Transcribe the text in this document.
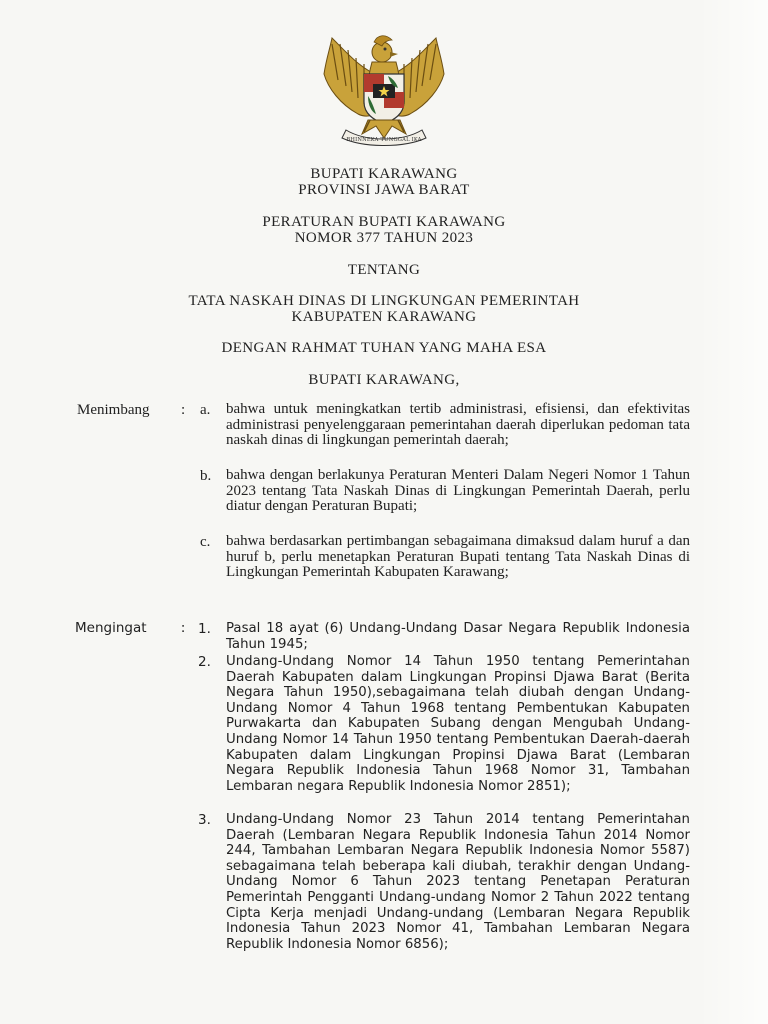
BHINNEKA TUNGGAL IKA
BUPATI KARAWANG
PROVINSI JAWA BARAT
PERATURAN BUPATI KARAWANG
NOMOR 377 TAHUN 2023
TENTANG
TATA NASKAH DINAS DI LINGKUNGAN PEMERINTAH
KABUPATEN KARAWANG
DENGAN RAHMAT TUHAN YANG MAHA ESA
BUPATI KARAWANG,
Menimbang : a. bahwa untuk meningkatkan tertib administrasi, efisiensi, dan efektivitas administrasi penyelenggaraan pemerintahan daerah diperlukan pedoman tata naskah dinas di lingkungan pemerintah daerah;
b. bahwa dengan berlakunya Peraturan Menteri Dalam Negeri Nomor 1 Tahun 2023 tentang Tata Naskah Dinas di Lingkungan Pemerintah Daerah, perlu diatur dengan Peraturan Bupati;
c. bahwa berdasarkan pertimbangan sebagaimana dimaksud dalam huruf a dan huruf b, perlu menetapkan Peraturan Bupati tentang Tata Naskah Dinas di Lingkungan Pemerintah Kabupaten Karawang;
Mengingat : 1. Pasal 18 ayat (6) Undang-Undang Dasar Negara Republik Indonesia Tahun 1945;
2. Undang-Undang Nomor 14 Tahun 1950 tentang Pemerintahan Daerah Kabupaten dalam Lingkungan Propinsi Djawa Barat (Berita Negara Tahun 1950),sebagaimana telah diubah dengan Undang-Undang Nomor 4 Tahun 1968 tentang Pembentukan Kabupaten Purwakarta dan Kabupaten Subang dengan Mengubah Undang-Undang Nomor 14 Tahun 1950 tentang Pembentukan Daerah-daerah Kabupaten dalam Lingkungan Propinsi Djawa Barat (Lembaran Negara Republik Indonesia Tahun 1968 Nomor 31, Tambahan Lembaran negara Republik Indonesia Nomor 2851);
3. Undang-Undang Nomor 23 Tahun 2014 tentang Pemerintahan Daerah (Lembaran Negara Republik Indonesia Tahun 2014 Nomor 244, Tambahan Lembaran Negara Republik Indonesia Nomor 5587) sebagaimana telah beberapa kali diubah, terakhir dengan Undang-Undang Nomor 6 Tahun 2023 tentang Penetapan Peraturan Pemerintah Pengganti Undang-undang Nomor 2 Tahun 2022 tentang Cipta Kerja menjadi Undang-undang (Lembaran Negara Republik Indonesia Tahun 2023 Nomor 41, Tambahan Lembaran Negara Republik Indonesia Nomor 6856);
